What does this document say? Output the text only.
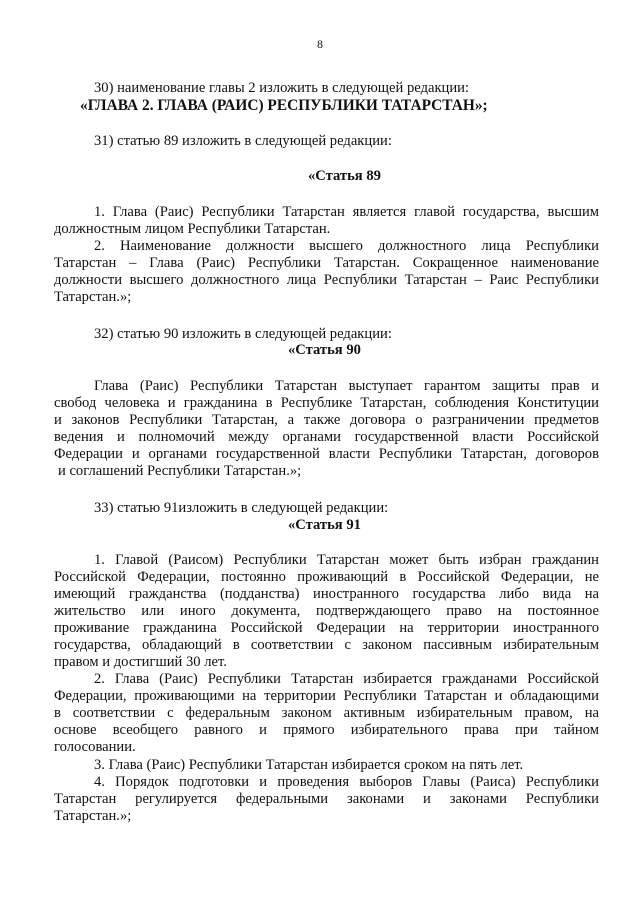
8
30) наименование главы 2 изложить в следующей редакции:
«ГЛАВА 2. ГЛАВА (РАИС) РЕСПУБЛИКИ ТАТАРСТАН»;
31) статью 89 изложить в следующей редакции:
«Статья 89
1. Глава (Раис) Республики Татарстан является главой государства, высшим
должностным лицом Республики Татарстан.
2. Наименование должности высшего должностного лица Республики
Татарстан – Глава (Раис) Республики Татарстан. Сокращенное наименование
должности высшего должностного лица Республики Татарстан – Раис Республики
Татарстан.»;
32) статью 90 изложить в следующей редакции:
«Статья 90
Глава (Раис) Республики Татарстан выступает гарантом защиты прав и
свобод человека и гражданина в Республике Татарстан, соблюдения Конституции
и законов Республики Татарстан, а также договора о разграничении предметов
ведения и полномочий между органами государственной власти Российской
Федерации и органами государственной власти Республики Татарстан, договоров
и соглашений Республики Татарстан.»;
33) статью 91изложить в следующей редакции:
«Статья 91
1. Главой (Раисом) Республики Татарстан может быть избран гражданин
Российской Федерации, постоянно проживающий в Российской Федерации, не
имеющий гражданства (подданства) иностранного государства либо вида на
жительство или иного документа, подтверждающего право на постоянное
проживание гражданина Российской Федерации на территории иностранного
государства, обладающий в соответствии с законом пассивным избирательным
правом и достигший 30 лет.
2. Глава (Раис) Республики Татарстан избирается гражданами Российской
Федерации, проживающими на территории Республики Татарстан и обладающими
в соответствии с федеральным законом активным избирательным правом, на
основе всеобщего равного и прямого избирательного права при тайном
голосовании.
3. Глава (Раис) Республики Татарстан избирается сроком на пять лет.
4. Порядок подготовки и проведения выборов Главы (Раиса) Республики
Татарстан регулируется федеральными законами и законами Республики
Татарстан.»;
